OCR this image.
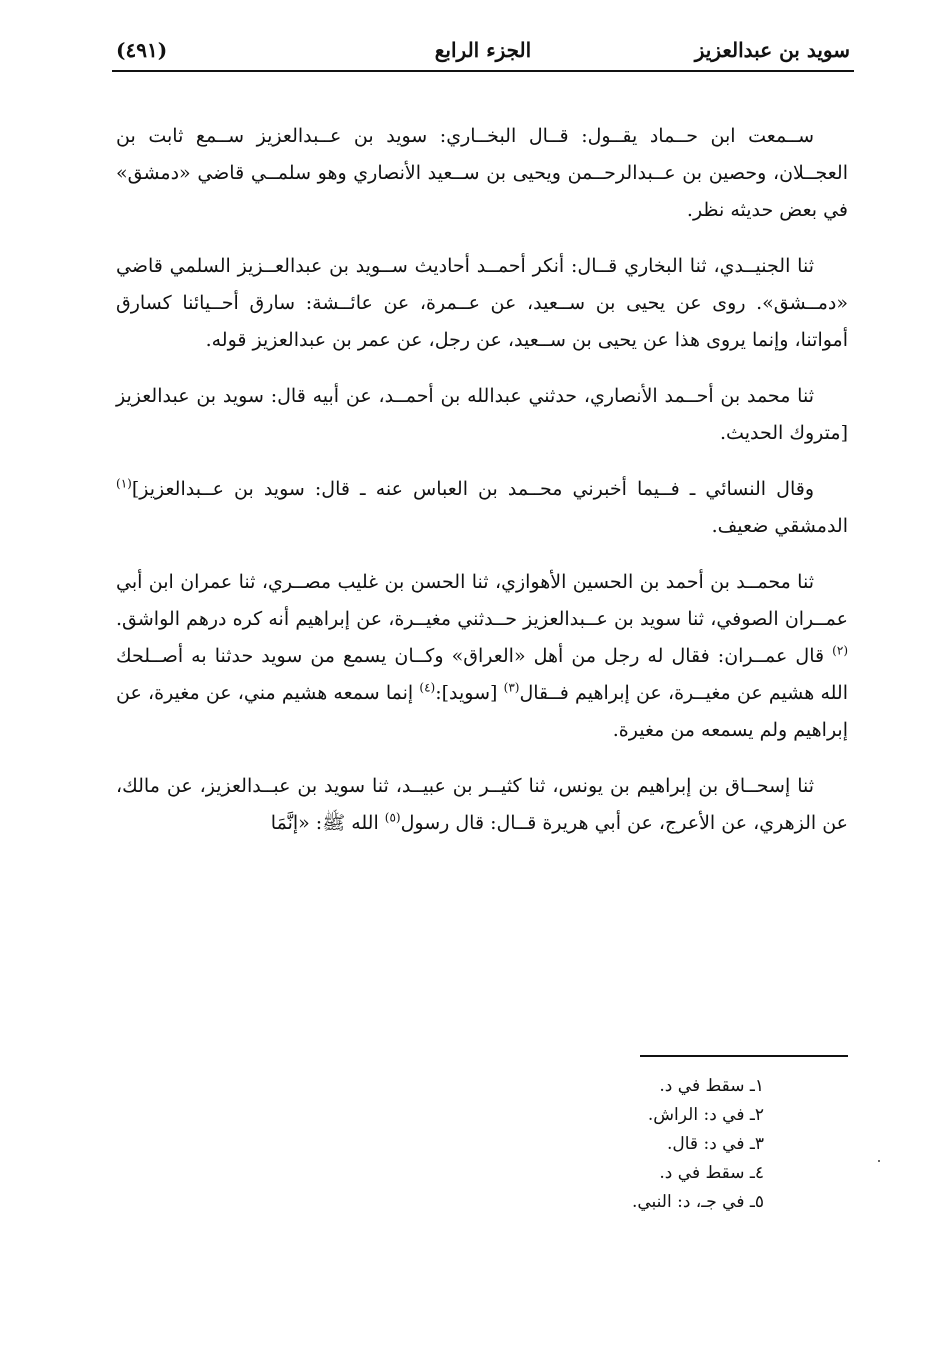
سويد بن عبدالعزيز
الجزء الرابع
(٤٩١)

ســمعت ابن حــماد يقــول: قــال البخــاري: سويد بن عــبدالعزيز ســمع ثابت بن العجــلان، وحصين بن عــبدالرحــمن ويحيى بن ســعيد الأنصاري وهو سلمــي قاضي «دمشق» في بعض حديثه نظر.

ثنا الجنيــدي، ثنا البخاري قــال: أنكر أحمــد أحاديث ســويد بن عبدالعــزيز السلمي قاضي «دمــشق». روى عن يحيى بن ســعيد، عن عــمرة، عن عائــشة: سارق أحــيائنا كسارق أمواتنا، وإنما يروى هذا عن يحيى بن ســعيد، عن رجل، عن عمر بن عبدالعزيز قوله.

ثنا محمد بن أحــمد الأنصاري، حدثني عبدالله بن أحمــد، عن أبيه قال: سويد بن عبدالعزيز [متروك الحديث.

وقال النسائي ـ فــيما أخبرني محــمد بن العباس عنه ـ قال: سويد بن عــبدالعزيز]$^{(١)}$ الدمشقي ضعيف.

ثنا محمــد بن أحمد بن الحسين الأهوازي، ثنا الحسن بن غليب مصــري، ثنا عمران ابن أبي عمــران الصوفي، ثنا سويد بن عــبدالعزيز حــدثني مغيــرة، عن إبراهيم أنه كره درهم الواشق.$^{(٢)}$ قال عمــران: فقال له رجل من أهل «العراق» وكــان يسمع من سويد حدثنا به أصــلحك الله هشيم عن مغيــرة، عن إبراهيم فــقال$^{(٣)}$ [سويد]:$^{(٤)}$ إنما سمعه هشيم مني، عن مغيرة، عن إبراهيم ولم يسمعه من مغيرة.

ثنا إسحــاق بن إبراهيم بن يونس، ثنا كثيــر بن عبيــد، ثنا سويد بن عبــدالعزيز، عن مالك، عن الزهري، عن الأعرج، عن أبي هريرة قــال: قال رسول$^{(٥)}$ الله ﷺ: «إنَّمَا

١ـ سقط في د.
٢ـ في د: الراش.
٣ـ في د: قال.
٤ـ سقط في د.
٥ـ في جـ، د: النبي.
